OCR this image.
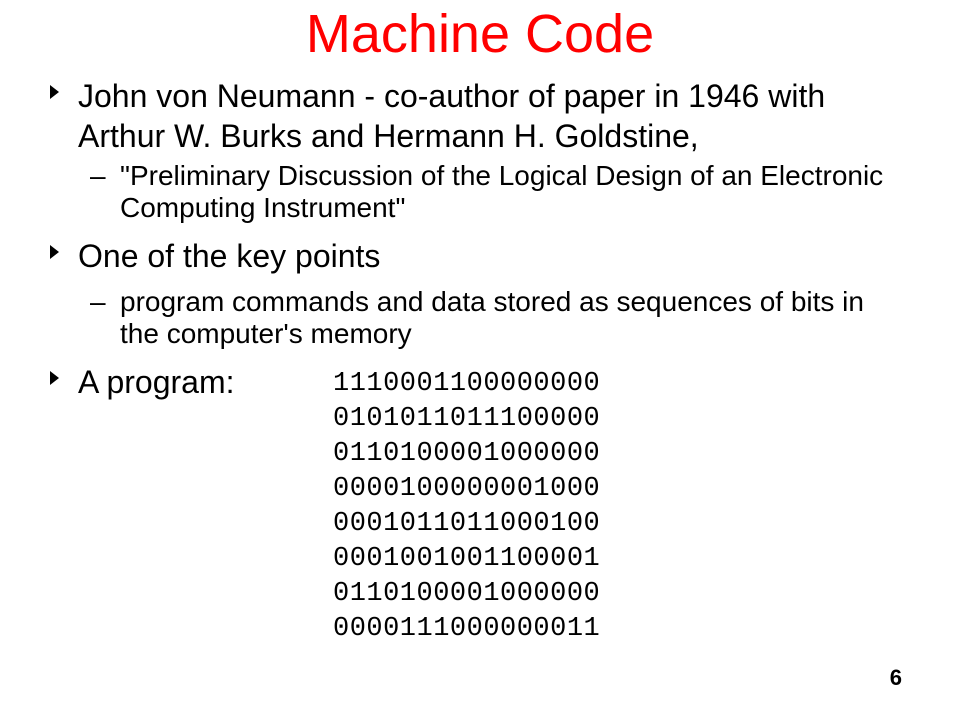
Machine Code
John von Neumann - co-author of paper in 1946 with Arthur W. Burks and Hermann H. Goldstine,
– "Preliminary Discussion of the Logical Design of an Electronic Computing Instrument"
One of the key points
– program commands and data stored as sequences of bits in the computer's memory
A program:	1110001100000000
0101011011100000
0110100001000000
0000100000001000
0001011011000100
0001001001100001
0110100001000000
0000111000000011
6
